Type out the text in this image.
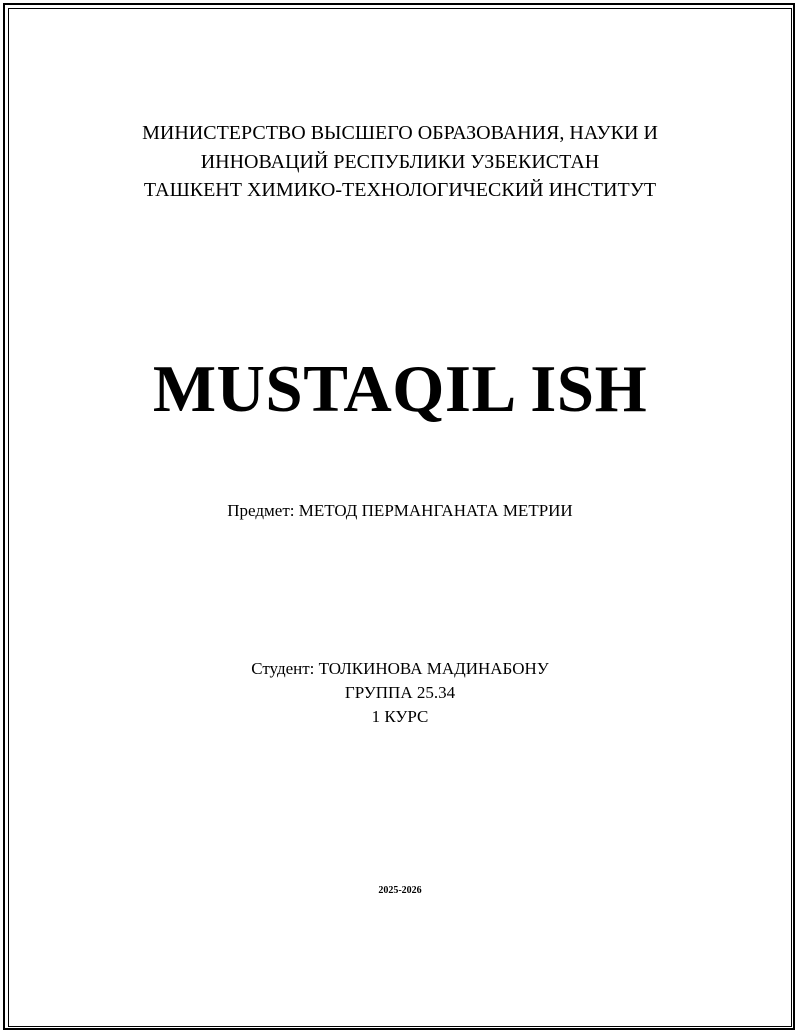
МИНИСТЕРСТВО ВЫСШЕГО ОБРАЗОВАНИЯ, НАУКИ И
ИННОВАЦИЙ РЕСПУБЛИКИ УЗБЕКИСТАН
ТАШКЕНТ ХИМИКО-ТЕХНОЛОГИЧЕСКИЙ ИНСТИТУТ
MUSTAQIL ISH
Предмет: МЕТОД ПЕРМАНГАНАТА МЕТРИИ
Студент: ТОЛКИНОВА МАДИНАБОНУ
ГРУППА 25.34
1 КУРС
2025-2026
